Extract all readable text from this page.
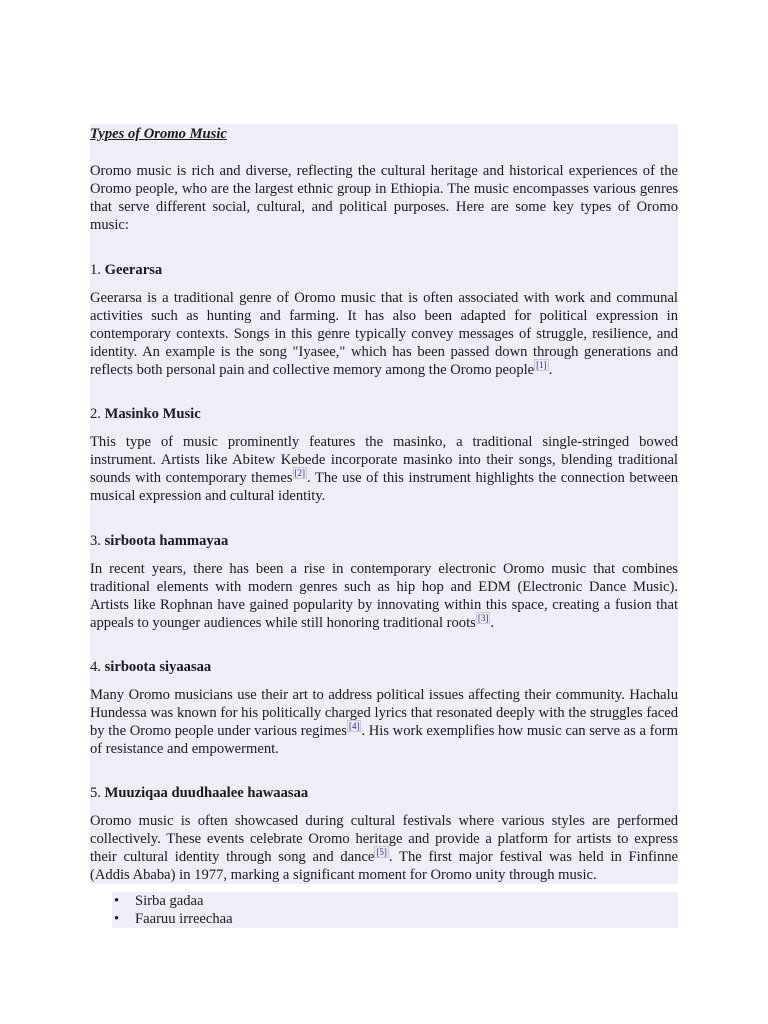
Types of Oromo Music

Oromo music is rich and diverse, reflecting the cultural heritage and historical experiences of the Oromo people, who are the largest ethnic group in Ethiopia. The music encompasses various genres that serve different social, cultural, and political purposes. Here are some key types of Oromo music:

1. Geerarsa

Geerarsa is a traditional genre of Oromo music that is often associated with work and communal activities such as hunting and farming. It has also been adapted for political expression in contemporary contexts. Songs in this genre typically convey messages of struggle, resilience, and identity. An example is the song "Iyasee," which has been passed down through generations and reflects both personal pain and collective memory among the Oromo people [1] .

2. Masinko Music

This type of music prominently features the masinko, a traditional single-stringed bowed instrument. Artists like Abitew Kebede incorporate masinko into their songs, blending traditional sounds with contemporary themes [2] . The use of this instrument highlights the connection between musical expression and cultural identity.

3. sirboota hammayaa

In recent years, there has been a rise in contemporary electronic Oromo music that combines traditional elements with modern genres such as hip hop and EDM (Electronic Dance Music). Artists like Rophnan have gained popularity by innovating within this space, creating a fusion that appeals to younger audiences while still honoring traditional roots [3] .

4. sirboota siyaasaa

Many Oromo musicians use their art to address political issues affecting their community. Hachalu Hundessa was known for his politically charged lyrics that resonated deeply with the struggles faced by the Oromo people under various regimes [4] . His work exemplifies how music can serve as a form of resistance and empowerment.

5. Muuziqaa duudhaalee hawaasaa

Oromo music is often showcased during cultural festivals where various styles are performed collectively. These events celebrate Oromo heritage and provide a platform for artists to express their cultural identity through song and dance [5] . The first major festival was held in Finfinne (Addis Ababa) in 1977, marking a significant moment for Oromo unity through music.

• Sirba gadaa
• Faaruu irreechaa
